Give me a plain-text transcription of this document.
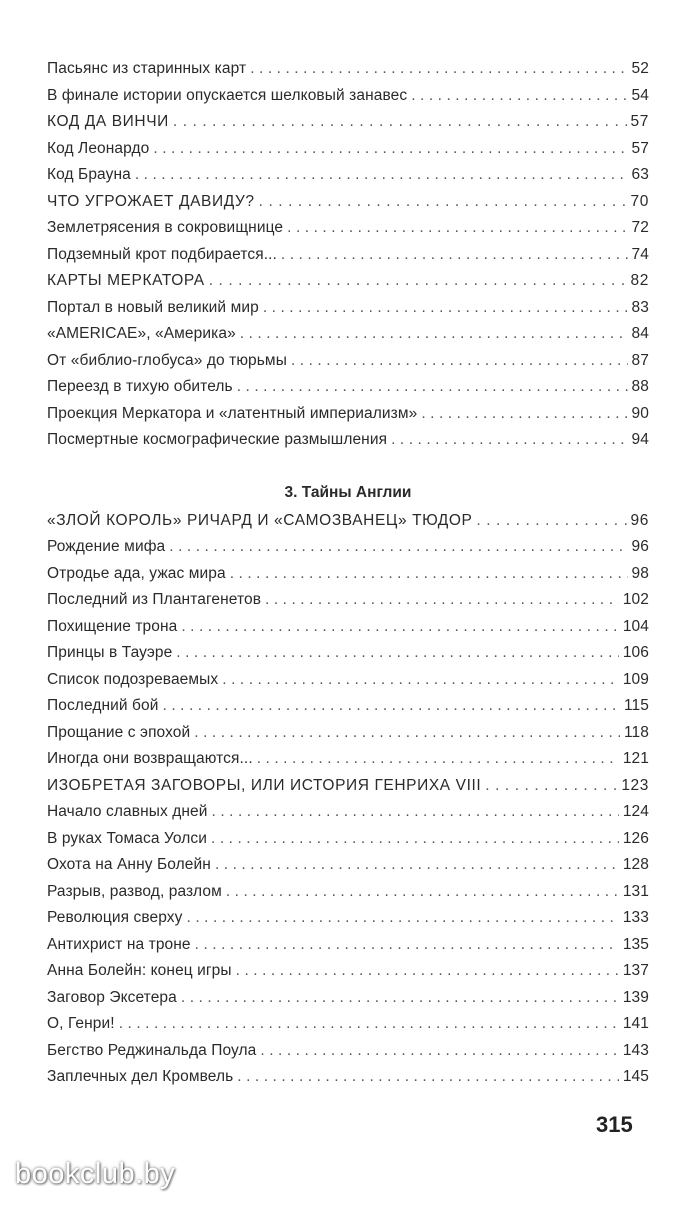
Пасьянс из старинных карт . . .	52
В финале истории опускается шелковый занавес . . .	54
КОД ДА ВИНЧИ . . .	57
Код Леонардо . . .	57
Код Брауна . . .	63
ЧТО УГРОЖАЕТ ДАВИДУ? . . .	70
Землетрясения в сокровищнице . . .	72
Подземный крот подбирается... . . .	74
КАРТЫ МЕРКАТОРА . . .	82
Портал в новый великий мир . . .	83
«AMERICAE», «Америка» . . .	84
От «библио-глобуса» до тюрьмы . . .	87
Переезд в тихую обитель . . .	88
Проекция Меркатора и «латентный империализм» . . .	90
Посмертные космографические размышления . . .	94
3. Тайны Англии
«ЗЛОЙ КОРОЛЬ» РИЧАРД И «САМОЗВАНЕЦ» ТЮДОР . . .	96
Рождение мифа . . .	96
Отродье ада, ужас мира . . .	98
Последний из Плантагенетов . . .	102
Похищение трона . . .	104
Принцы в Тауэре . . .	106
Список подозреваемых . . .	109
Последний бой . . .	115
Прощание с эпохой . . .	118
Иногда они возвращаются... . . .	121
ИЗОБРЕТАЯ ЗАГОВОРЫ, ИЛИ ИСТОРИЯ ГЕНРИХА VIII . . .	123
Начало славных дней . . .	124
В руках Томаса Уолси . . .	126
Охота на Анну Болейн . . .	128
Разрыв, развод, разлом . . .	131
Революция сверху . . .	133
Антихрист на троне . . .	135
Анна Болейн: конец игры . . .	137
Заговор Эксетера . . .	139
О, Генри! . . .	141
Бегство Реджинальда Поула . . .	143
Заплечных дел Кромвель . . .	145
315
bookclub.by
